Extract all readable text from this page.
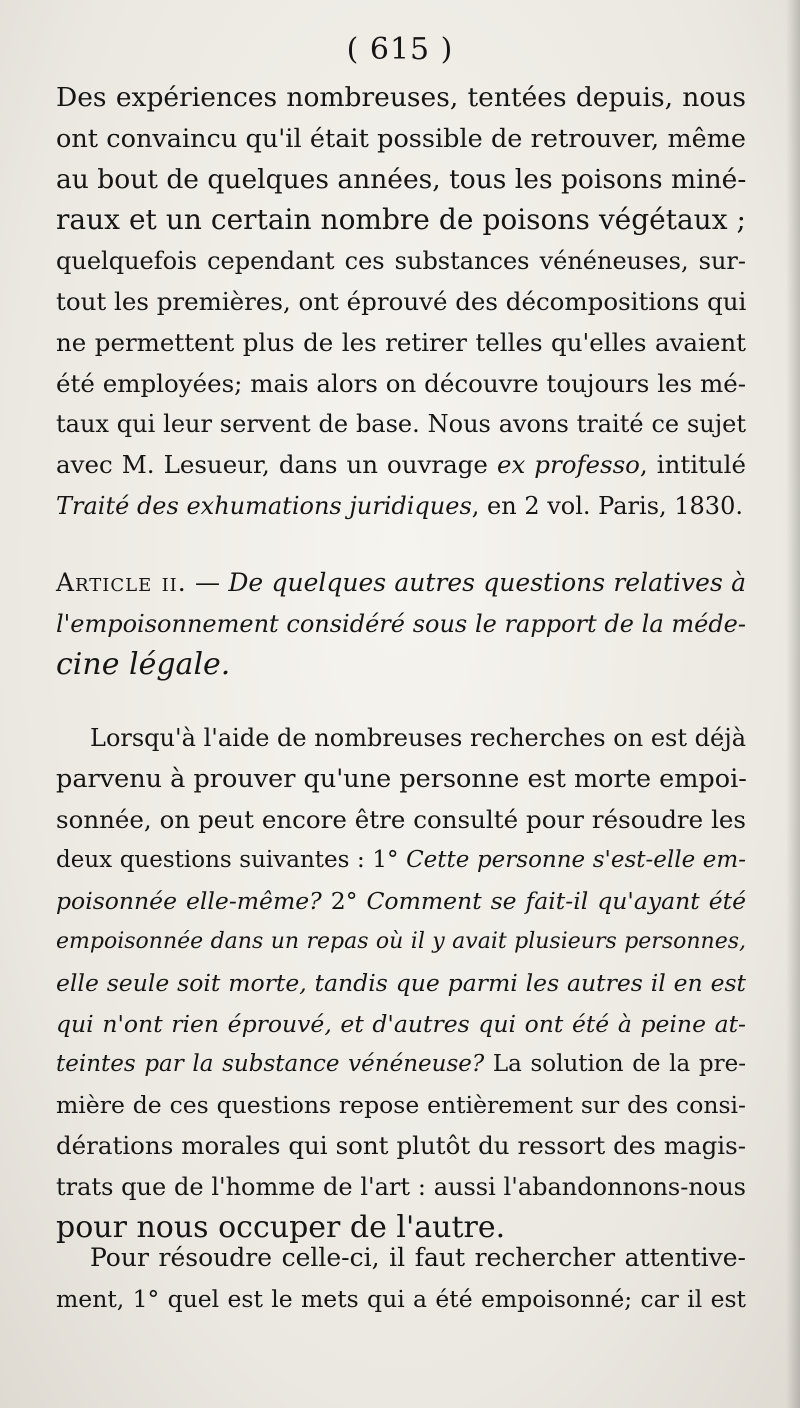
( 615 )
Des expériences nombreuses, tentées depuis, nous
ont convaincu qu'il était possible de retrouver, même
au bout de quelques années, tous les poisons miné-
raux et un certain nombre de poisons végétaux ;
quelquefois cependant ces substances vénéneuses, sur-
tout les premières, ont éprouvé des décompositions qui
ne permettent plus de les retirer telles qu'elles avaient
été employées; mais alors on découvre toujours les mé-
taux qui leur servent de base. Nous avons traité ce sujet
avec M. Lesueur, dans un ouvrage ex professo, intitulé
Traité des exhumations juridiques, en 2 vol. Paris, 1830.
Article ii. — De quelques autres questions relatives à
l'empoisonnement considéré sous le rapport de la méde-
cine légale.
Lorsqu'à l'aide de nombreuses recherches on est déjà
parvenu à prouver qu'une personne est morte empoi-
sonnée, on peut encore être consulté pour résoudre les
deux questions suivantes : 1° Cette personne s'est-elle em-
poisonnée elle-même? 2° Comment se fait-il qu'ayant été
empoisonnée dans un repas où il y avait plusieurs personnes,
elle seule soit morte, tandis que parmi les autres il en est
qui n'ont rien éprouvé, et d'autres qui ont été à peine at-
teintes par la substance vénéneuse? La solution de la pre-
mière de ces questions repose entièrement sur des consi-
dérations morales qui sont plutôt du ressort des magis-
trats que de l'homme de l'art : aussi l'abandonnons-nous
pour nous occuper de l'autre.
Pour résoudre celle-ci, il faut rechercher attentive-
ment, 1° quel est le mets qui a été empoisonné; car il est
